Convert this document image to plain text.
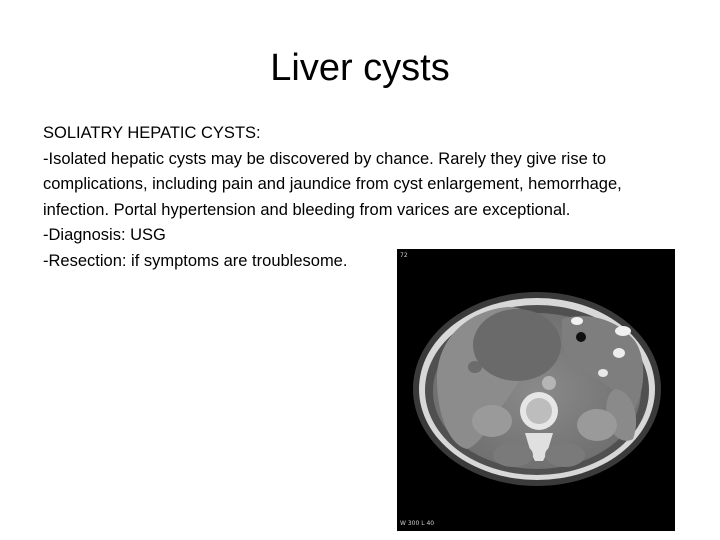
Liver cysts

SOLIATRY HEPATIC CYSTS:

-Isolated hepatic cysts may be discovered by chance. Rarely they give rise to complications, including pain and jaundice from cyst enlargement, hemorrhage, infection. Portal hypertension and bleeding from varices are exceptional.

-Diagnosis: USG

-Resection: if symptoms are troublesome.	72
W 300 L 40
